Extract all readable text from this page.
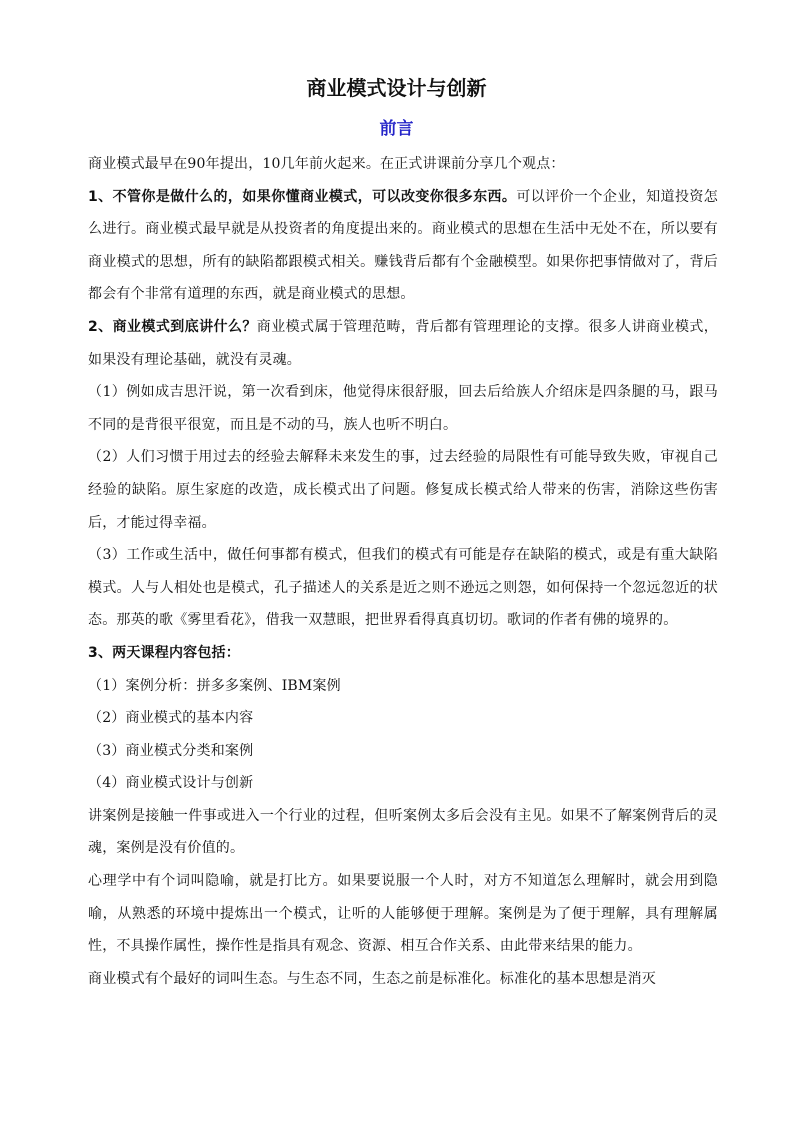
商业模式设计与创新
前言

商业模式最早在90年提出，10几年前火起来。在正式讲课前分享几个观点：

1、不管你是做什么的，如果你懂商业模式，可以改变你很多东西。可以评价一个企业，知道投资怎么进行。商业模式最早就是从投资者的角度提出来的。商业模式的思想在生活中无处不在，所以要有商业模式的思想，所有的缺陷都跟模式相关。赚钱背后都有个金融模型。如果你把事情做对了，背后都会有个非常有道理的东西，就是商业模式的思想。

2、商业模式到底讲什么？商业模式属于管理范畴，背后都有管理理论的支撑。很多人讲商业模式，如果没有理论基础，就没有灵魂。

（1）例如成吉思汗说，第一次看到床，他觉得床很舒服，回去后给族人介绍床是四条腿的马，跟马不同的是背很平很宽，而且是不动的马，族人也听不明白。

（2）人们习惯于用过去的经验去解释未来发生的事，过去经验的局限性有可能导致失败，审视自己经验的缺陷。原生家庭的改造，成长模式出了问题。修复成长模式给人带来的伤害，消除这些伤害后，才能过得幸福。

（3）工作或生活中，做任何事都有模式，但我们的模式有可能是存在缺陷的模式，或是有重大缺陷模式。人与人相处也是模式，孔子描述人的关系是近之则不逊远之则怨，如何保持一个忽远忽近的状态。那英的歌《雾里看花》，借我一双慧眼，把世界看得真真切切。歌词的作者有佛的境界的。

3、两天课程内容包括：

（1）案例分析：拼多多案例、IBM案例

（2）商业模式的基本内容

（3）商业模式分类和案例

（4）商业模式设计与创新

讲案例是接触一件事或进入一个行业的过程，但听案例太多后会没有主见。如果不了解案例背后的灵魂，案例是没有价值的。

心理学中有个词叫隐喻，就是打比方。如果要说服一个人时，对方不知道怎么理解时，就会用到隐喻，从熟悉的环境中提炼出一个模式，让听的人能够便于理解。案例是为了便于理解，具有理解属性，不具操作属性，操作性是指具有观念、资源、相互合作关系、由此带来结果的能力。

商业模式有个最好的词叫生态。与生态不同，生态之前是标准化。标准化的基本思想是消灭
